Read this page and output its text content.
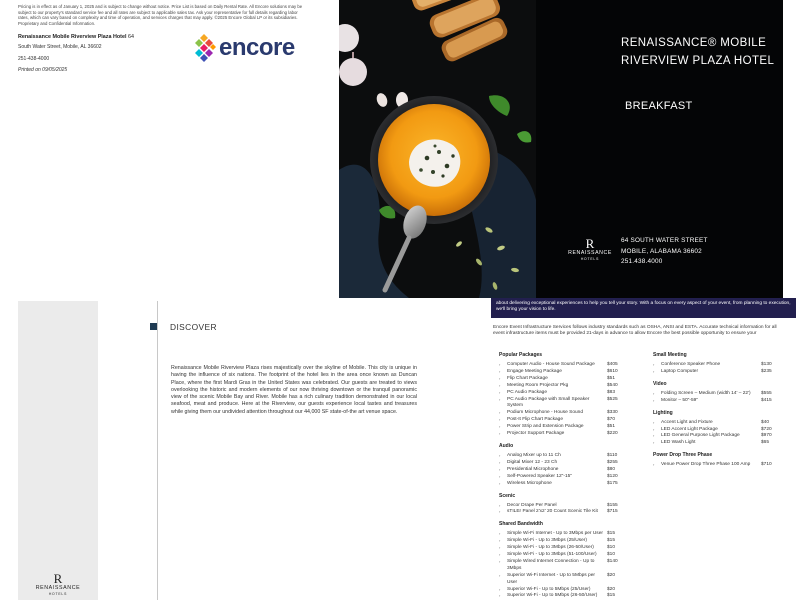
Pricing is in effect as of January 1, 2025 and is subject to change without notice. Price List is based on Daily Rental Rate. All Encore solutions may be subject to our property's standard service fee and all rates are subject to applicable sales tax. Ask your representative for full details regarding labor rates, which can vary based on complexity and time of operation, and services charges that may apply. ©2025 Encore Global LP or its subsidiaries. Proprietary and Confidential Information.
Renaissance Mobile Riverview Plaza Hotel 64
South Water Street, Mobile, AL 36602
251-438-4000
Printed on 09/05/2025
encore	RENAISSANCE® MOBILE
RIVERVIEW PLAZA HOTEL
BREAKFAST
R
RENAISSANCE
HOTELS
64 SOUTH WATER STREET
MOBILE, ALABAMA 36602
251.438.4000
R
RENAISSANCE
HOTELS
DISCOVER
Renaissance Mobile Riverview Plaza rises majestically over the skyline of Mobile. This city is unique in having the influence of six nations. The footprint of the hotel lies in the area once known as Duncan Place, where the first Mardi Gras in the United States was celebrated. Our guests are treated to views overlooking the historic and modern elements of our now thriving downtown or the tranquil panoramic view of the scenic Mobile Bay and River. Mobile has a rich culinary tradition demonstrated in our local seafood, meat and produce. Here at the Riverview, our guests experience local tastes and treasures while giving them our undivided attention throughout our 44,000 SF state-of-the art venue space.
about delivering exceptional experiences to help you tell your story. With a focus on every aspect of your event, from planning to execution, we'll bring your vision to life.
Encore Event Infrastructure Services follows industry standards such as OSHA, ANSI and ESTA. Accurate technical information for all event infrastructure items must be provided 21-days in advance to allow Encore the best possible opportunity to ensure your
Popular Packages
›	Computer Audio - House Sound Package	$405
›	Engage Meeting Package	$610
›	Flip Chart Package	$51
›	Meeting Room Projector Pkg	$540
›	PC Audio Package	$83
›	PC Audio Package with Small Speaker System
$525
›	Podium Microphone - House Sound	$330
›	Post-It Flip Chart Package	$70
›	Power Strip and Extension Package	$51
›	Projector Support Package	$220
Audio
›	Analog Mixer up to 11 Ch	$110
›	Digital Mixer 12 - 23 Ch	$255
›	Presidential Microphone	$80
›	Self-Powered Speaker 12"-15"	$120
›	Wireless Microphone	$175
Scenic
›	Decor Drape Per Panel	$155
›	sTILEr Panel 2'x2' 20 Count Scenic Tile Kit	$715
Shared Bandwidth
›	Simple Wi-Fi Internet - Up to 3Mbps per User $15
›	Simple Wi-Fi - Up to 3Mbps (25/User)	$15
›	Simple Wi-Fi - Up to 3Mbps (26-50/User)	$10
›	Simple Wi-Fi - Up to 3Mbps (51-100/User)	$10
›	Simple Wired Internet Connection - Up to 3Mbps
$140
›	Superior Wi-Fi Internet - Up to 5Mbps per User
$20
›	Superior Wi-Fi - Up to 5Mbps (25/User)	$20
›	Superior Wi-Fi - Up to 5Mbps (26-50/User)	$15
Small Meeting
›	Conference Speaker Phone	$130
›	Laptop Computer	$235
Video
›	Folding Screen – Medium (width 14' – 22')	$555
›	Monitor – 50"-59"	$415
Lighting
›	Accent Light and Fixture	$40
›	LED Accent Light Package	$720
›	LED General Purpose Light Package	$970
›	LED Wash Light	$65
Power Drop Three Phase
›	Venue Power Drop Three Phase 100 Amp	$710
